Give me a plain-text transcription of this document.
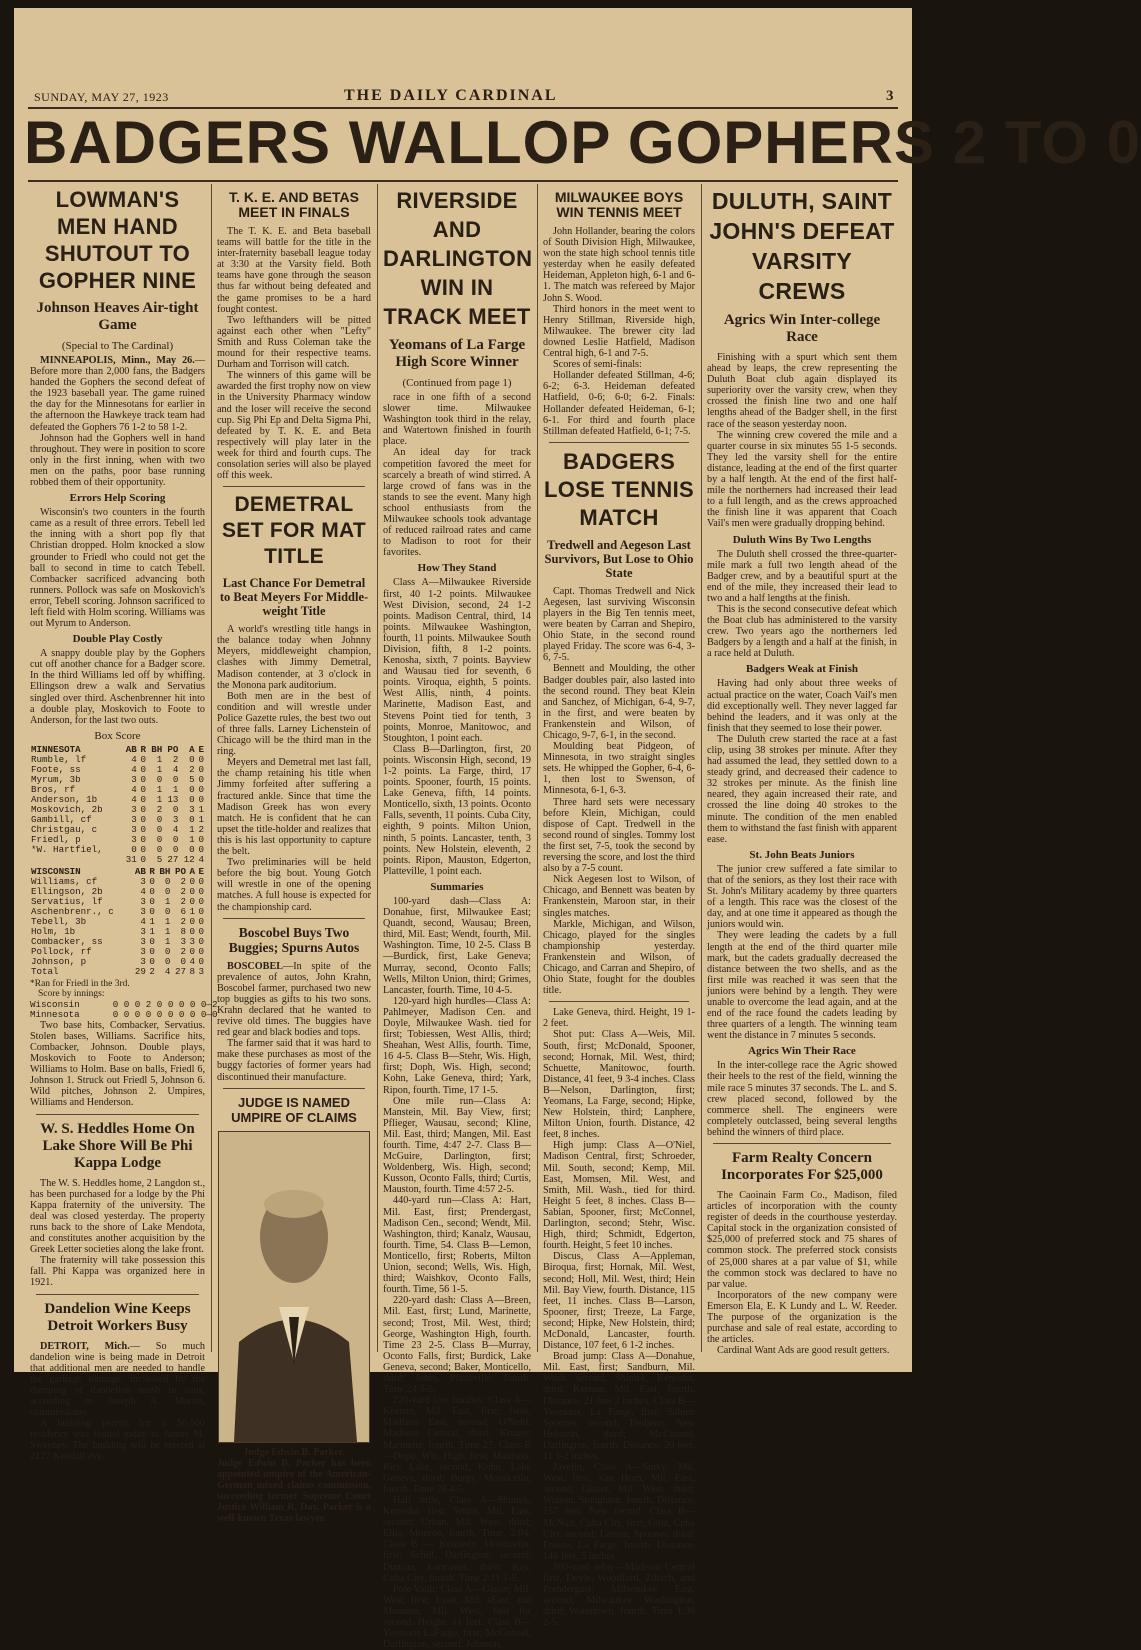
SUNDAY, MAY 27, 1923	THE DAILY CARDINAL	3
BADGERS WALLOP GOPHERS 2 TO 0
LOWMAN'S MEN HAND SHUTOUT TO GOPHER NINE
Johnson Heaves Air-tight Game
(Special to The Cardinal)

MINNEAPOLIS, Minn., May 26.—Before more than 2,000 fans, the Badgers handed the Gophers the second defeat of the 1923 baseball year. The game ruined the day for the Minnesotans for earlier in the afternoon the Hawkeye track team had defeated the Gophers 76 1-2 to 58 1-2.

Johnson had the Gophers well in hand throughout. They were in position to score only in the first inning, when with two men on the paths, poor base running robbed them of their opportunity.

Errors Help Scoring

Wisconsin's two counters in the fourth came as a result of three errors. Tebell led the inning with a short pop fly that Christian dropped. Holm knocked a slow grounder to Friedl who could not get the ball to second in time to catch Tebell. Combacker sacrificed advancing both runners. Pollock was safe on Moskovich's error, Tebell scoring. Johnson sacrificed to left field with Holm scoring. Williams was out Myrum to Anderson.

Double Play Costly

A snappy double play by the Gophers cut off another chance for a Badger score. In the third Williams led off by whiffing. Ellingson drew a walk and Servatius singled over third. Aschenbrenner hit into a double play, Moskovich to Foote to Anderson, for the last two outs.

Box Score
MINNESOTA	AB	R	BH	PO	A	E
Rumble, lf	4	0	1	2	0	0
Foote, ss	4	0	1	4	2	0
Myrum, 3b	3	0	0	0	5	0
Bros, rf	4	0	1	1	0	0
Anderson, 1b	4	0	1	13	0	0
Moskovich, 2b	3	0	2	0	3	1
Gambill, cf	3	0	0	3	0	1
Christgau, c	3	0	0	4	1	2
Friedl, p	3	0	0	0	1	0
*W. Hartfiel,	0	0	0	0	0	0
	31	0	5	27	12	4
WISCONSIN	AB	R	BH	PO	A	E
Williams, cf	3	0	0	2	0	0
Ellingson, 2b	4	0	0	2	0	0
Servatius, lf	3	0	1	2	0	0
Aschenbrenr., c	3	0	0	6	1	0
Tebell, 3b	4	1	1	2	0	0
Holm, 1b	3	1	1	8	0	0
Combacker, ss	3	0	1	3	3	0
Pollock, rf	3	0	0	2	0	0
Johnson, p	3	0	0	0	4	0
Total	29	2	4	27	8	3
*Ran for Friedl in the 3rd.
Score by innings:
Wisconsin      0 0 0 2 0 0 0 0 0—2
Minnesota      0 0 0 0 0 0 0 0 0—0

Two base hits, Combacker, Servatius. Stolen bases, Williams. Sacrifice hits, Combacker, Johnson. Double plays, Moskovich to Foote to Anderson; Williams to Holm. Base on balls, Friedl 6, Johnson 1. Struck out Friedl 5, Johnson 6. Wild pitches, Johnson 2. Umpires, Williams and Henderson.

W. S. Heddles Home On Lake Shore Will Be Phi Kappa Lodge

The W. S. Heddles home, 2 Langdon st., has been purchased for a lodge by the Phi Kappa fraternity of the university. The deal was closed yesterday. The property runs back to the shore of Lake Mendota, and constitutes another acquisition by the Greek Letter societies along the lake front.

The fraternity will take possession this fall. Phi Kappa was organized here in 1921.

Dandelion Wine Keeps Detroit Workers Busy

DETROIT, Mich.— So much dandelion wine is being made in Detroit that additional men are needed to handle the garbage tonnage, increased by the dumping of dandelion mash in cans, according to Joseph A. Martin, commissioner

A building permit for a $6,500 residence was issued today to James M. Sweeney. The building will be erected at 2127 Kendall ave.

T. K. E. AND BETAS MEET IN FINALS

The T. K. E. and Beta baseball teams will battle for the title in the inter-fraternity baseball league today at 3:30 at the Varsity field. Both teams have gone through the season thus far without being defeated and the game promises to be a hard fought contest.

Two lefthanders will be pitted against each other when "Lefty" Smith and Russ Coleman take the mound for their respective teams. Durham and Torrison will catch.

The winners of this game will be awarded the first trophy now on view in the University Pharmacy window and the loser will receive the second cup. Sig Phi Ep and Delta Sigma Phi, defeated by T. K. E. and Beta respectively will play later in the week for third and fourth cups. The consolation series will also be played off this week.

DEMETRAL SET FOR MAT TITLE
Last Chance For Demetral to Beat Meyers For Middle-weight Title

A world's wrestling title hangs in the balance today when Johnny Meyers, middleweight champion, clashes with Jimmy Demetral, Madison contender, at 3 o'clock in the Monona park auditorium.

Both men are in the best of condition and will wrestle under Police Gazette rules, the best two out of three falls. Larney Lichenstein of Chicago will be the third man in the ring.

Meyers and Demetral met last fall, the champ retaining his title when Jimmy forfeited after suffering a fractured ankle. Since that time the Madison Greek has won every match. He is confident that he can upset the title-holder and realizes that this is his last opportunity to capture the belt.

Two preliminaries will be held before the big bout. Young Gotch will wrestle in one of the opening matches. A full house is expected for the championship card.

Boscobel Buys Two Buggies; Spurns Autos

BOSCOBEL—In spite of the prevalence of autos, John Krahn, Boscobel farmer, purchased two new top buggies as gifts to his two sons. Krahn declared that he wanted to revive old times. The buggies have red gear and black bodies and tops.

The farmer said that it was hard to make these purchases as most of the buggy factories of former years had discontinued their manufacture.

JUDGE IS NAMED UMPIRE OF CLAIMS
Judge Edwin B. Parker.
Judge Edwin B. Parker has been appointed umpire of the American-German mixed claims commission, succeeding former Supreme Court Justice William R. Day. Parker is a well-known Texas lawyer.
RIVERSIDE AND DARLINGTON WIN IN TRACK MEET
Yeomans of La Farge High Score Winner
(Continued from page 1)

race in one fifth of a second slower time. Milwaukee Washington took third in the relay, and Watertown finished in fourth place.

An ideal day for track competition favored the meet for scarcely a breath of wind stirred. A large crowd of fans was in the stands to see the event. Many high school enthusiasts from the Milwaukee schools took advantage of reduced railroad rates and came to Madison to root for their favorites.

How They Stand

Class A—Milwaukee Riverside first, 40 1-2 points. Milwaukee West Division, second, 24 1-2 points. Madison Central, third, 14 points. Milwaukee Washington, fourth, 11 points. Milwaukee South Division, fifth, 8 1-2 points. Kenosha, sixth, 7 points. Bayview and Wausau tied for seventh, 6 points. Viroqua, eighth, 5 points. West Allis, ninth, 4 points. Marinette, Madison East, and Stevens Point tied for tenth, 3 points, Monroe, Manitowoc, and Stoughton, 1 point each.

Class B—Darlington, first, 20 points. Wisconsin High, second, 19 1-2 points. La Farge, third, 17 points. Spooner, fourth, 15 points. Lake Geneva, fifth, 14 points. Monticello, sixth, 13 points. Oconto Falls, seventh, 11 points. Cuba City, eighth, 9 points. Milton Union, ninth, 5 points. Lancaster, tenth, 3 points. New Holstein, eleventh, 2 points. Ripon, Mauston, Edgerton, Platteville, 1 point each.

Summaries

100-yard dash—Class A: Donahue, first, Milwaukee East; Quandt, second, Wausau; Breen, third, Mil. East; Wendt, fourth, Mil. Washington. Time, 10 2-5. Class B—Burdick, first, Lake Geneva; Murray, second, Oconto Falls; Wells, Milton Union, third; Grimes, Lancaster, fourth. Time, 10 4-5.

120-yard high hurdles—Class A: Pahlmeyer, Madison Cen. and Doyle, Milwaukee Wash. tied for first; Tobiessen, West Allis, third; Sheahan, West Allis, fourth. Time, 16 4-5. Class B—Stehr, Wis. High, first; Doph, Wis. High, second; Kohn, Lake Geneva, third; Yark, Ripon, fourth. Time, 17 1-5.

One mile run—Class A: Manstein, Mil. Bay View, first; Pflieger, Wausau, second; Kline, Mil. East, third; Mangen, Mil. East fourth. Time, 4:47 2-7. Class B—McGuire, Darlington, first; Woldenberg, Wis. High, second; Kusson, Oconto Falls, third; Curtis, Mauston, fourth. Time 4:57 2-5.

440-yard run—Class A: Hart, Mil. East, first; Prendergast, Madison Cen., second; Wendt, Mil. Washington, third; Kanalz, Wausau, fourth. Time, 54. Class B—Lemon, Monticello, first; Roberts, Milton Union, second; Wells, Wis. High, third; Waishkov, Oconto Falls, fourth. Time, 56 1-5.

220-yard dash: Class A—Breen, Mil. East, first; Lund, Marinette, second; Trost, Mil. West, third; George, Washington High, fourth. Time 23 2-5. Class B—Murray, Oconto Falls, first; Burdick, Lake Geneva, second; Baker, Monticello, third; Jones, Platteville, fourth. Time 24 3-5.

220-yard low hurdles: Class A—Keenan, Mil. East, first; Isele, Madison East, second; O'Neill, Madison Central, third; Kruger, Marinette, fourth. Time 27. Class B—Dopp, Wis. High, first; Mattison, Rice Lake, second; Kohn, Lake Geneva, third; Burgy, Monticello, fourth. Time 28 4-5.

Half mile, Class A—Shimek, Kenosha, first; Smith, Mil. East, second; Urban, Mil. West, third; Ellis, Monroe, fourth. Time, 2:04. Class B — Kennedy, Monticello, first; Schill, Darlington, second; Duncan, Lancaster, third; Kay, Cuba City, fourth. Time 2:11 1-5.

Pole Vault: Class A—Glaser, Mil. West, first; Esser, Mil. sEast, and Momsen, Mil. West, tied for second. Height, 11 feet. Class B—Yeomans LaFarge, first; McConnel, Darlington, second; Johnson,

MILWAUKEE BOYS WIN TENNIS MEET

John Hollander, bearing the colors of South Division High, Milwaukee, won the state high school tennis title yesterday when he easily defeated Heideman, Appleton high, 6-1 and 6-1. The match was refereed by Major John S. Wood.

Third honors in the meet went to Henry Stillman, Riverside high, Milwaukee. The brewer city lad downed Leslie Hatfield, Madison Central high, 6-1 and 7-5.

Scores of semi-finals:

Hollander defeated Stillman, 4-6; 6-2; 6-3. Heideman defeated Hatfield, 0-6; 6-0; 6-2. Finals: Hollander defeated Heideman, 6-1; 6-1. For third and fourth place Stillman defeated Hatfield, 6-1; 7-5.

BADGERS LOSE TENNIS MATCH
Tredwell and Aegeson Last Survivors, But Lose to Ohio State

Capt. Thomas Tredwell and Nick Aegesen, last surviving Wisconsin players in the Big Ten tennis meet, were beaten by Carran and Shepiro, Ohio State, in the second round played Friday. The score was 6-4, 3-6, 7-5.

Bennett and Moulding, the other Badger doubles pair, also lasted into the second round. They beat Klein and Sanchez, of Michigan, 6-4, 9-7, in the first, and were beaten by Frankenstein and Wilson, of Chicago, 9-7, 6-1, in the second.

Moulding beat Pidgeon, of Minnesota, in two straight singles sets. He whipped the Gopher, 6-4, 6-1, then lost to Swenson, of Minnesota, 6-1, 6-3.

Three hard sets were necessary before Klein, Michigan, could dispose of Capt. Tredwell in the second round of singles. Tommy lost the first set, 7-5, took the second by reversing the score, and lost the third also by a 7-5 count.

Nick Aegesen lost to Wilson, of Chicago, and Bennett was beaten by Frankenstein, Maroon star, in their singles matches.

Markle, Michigan, and Wilson, Chicago, played for the singles championship yesterday. Frankenstein and Wilson, of Chicago, and Carran and Shepiro, of Ohio State, fought for the doubles title.

Lake Geneva, third. Height, 19 1-2 feet.

Shot put: Class A—Weis, Mil. South, first; McDonald, Spooner, second; Hornak, Mil. West, third; Schuette, Manitowoc, fourth. Distance, 41 feet, 9 3-4 inches. Class B—Nelson, Darlington, first; Yeomans, La Farge, second; Hipke, New Holstein, third; Lanphere, Milton Union, fourth. Distance, 42 feet, 8 inches.

High jump: Class A—O'Niel, Madison Central, first; Schroeder, Mil. South, second; Kemp, Mil. East, Momsen, Mil. West, and Smith, Mil. Wash., tied for third. Height 5 feet, 8 inches. Class B—Sabian, Spooner, first; McConnel, Darlington, second; Stehr, Wisc. High, third; Schmidt, Edgerton, fourth. Height, 5 feet 10 inches.

Discus, Class A—Appleman, Biroqua, first; Hornak, Mil. West, second; Holl, Mil. West, third; Hein Mil. Bay View, fourth. Distance, 115 feet, 11 inches. Class B—Larson, Spooner, first; Treeze, La Farge, second; Hipke, New Holstein, third; McDonald, Lancaster, fourth. Distance, 107 feet, 6 1-2 inches.

Broad jump: Class A—Donahue, Mil. East, first; Sandburn, Mil. Wash. second; Shimek, Kenosha, third; Keenan, Mil. East, fourth. Distance, 21 feet 2 inches. Class B—Yeomans, La Farge, first; Sabien Spooner, second; Tiedjeno, New Holstein, third; McConnel, Darlington, fourth. Distance, 20 feet, 11 1-2 inches.

Javelin, Class A—Sinky, Mil. West, first; Van Horn, Mil. East, second; Glaser, Mil. West, third; Watson, Stoughton, fourth. Distance, 157 feet. New record. Class B—McNutt, Cuba City, first; Golz, Cuba City, second; Larson, Spooner, third; Freeze, La Farge, fourth. Distance, 146 feet, 5 inches.

880-yard relay—Madison Central first, Doyle, Woodford, Zilisch, and Prendergast; Milwaukee East, second; Milwaukee Washington, third; Watertown, fourth. Time 1:38 2-5.

DULUTH, SAINT JOHN'S DEFEAT VARSITY CREWS
Agrics Win Inter-college Race

Finishing with a spurt which sent them ahead by leaps, the crew representing the Duluth Boat club again displayed its superiority over the varsity crew, when they crossed the finish line two and one half lengths ahead of the Badger shell, in the first race of the season yesterday noon.

The winning crew covered the mile and a quarter course in six minutes 55 1-5 seconds. They led the varsity shell for the entire distance, leading at the end of the first quarter by a half length. At the end of the first half-mile the northerners had increased their lead to a full length, and as the crews approached the finish line it was apparent that Coach Vail's men were gradually dropping behind.

Duluth Wins By Two Lengths

The Duluth shell crossed the three-quarter-mile mark a full two length ahead of the Badger crew, and by a beautiful spurt at the end of the mile, they increased their lead to two and a half lengths at the finish.

This is the second consecutive defeat which the Boat club has administered to the varsity crew. Two years ago the northerners led Badgers by a length and a half at the finish, in a race held at Duluth.

Badgers Weak at Finish

Having had only about three weeks of actual practice on the water, Coach Vail's men did exceptionally well. They never lagged far behind the leaders, and it was only at the finish that they seemed to lose their power.

The Duluth crew started the race at a fast clip, using 38 strokes per minute. After they had assumed the lead, they settled down to a steady grind, and decreased their cadence to 32 strokes per minute. As the finish line neared, they again increased their rate, and crossed the line doing 40 strokes to the minute. The condition of the men enabled them to withstand the fast finish with apparent ease.

St. John Beats Juniors

The junior crew suffered a fate similar to that of the seniors, as they lost their race with St. John's Military academy by three quarters of a length. This race was the closest of the day, and at one time it appeared as though the juniors would win.

They were leading the cadets by a full length at the end of the third quarter mile mark, but the cadets gradually decreased the distance between the two shells, and as the first mile was reached it was seen that the juniors were behind by a length. They were unable to overcome the lead again, and at the end of the race found the cadets leading by three quarters of a length. The winning team went the distance in 7 minutes 5 seconds.

Agrics Win Their Race

In the inter-college race the Agric showed their heels to the rest of the field, winning the mile race 5 minutes 37 seconds. The L. and S. crew placed second, followed by the commerce shell. The engineers were completely outclassed, being several lengths behind the winners of third place.

Farm Realty Concern Incorporates For $25,000

The Caoinain Farm Co., Madison, filed articles of incorporation with the county register of deeds in the courthouse yesterday. Capital stock in the organization consisted of $25,000 of preferred stock and 75 shares of common stock. The preferred stock consists of 25,000 shares at a par value of $1, while the common stock was declared to have no par value.

Incorporators of the new company were Emerson Ela, E. K Lundy and L. W. Reeder. The purpose of the organization is the purchase and sale of real estate, according to the articles.

Cardinal Want Ads are good result getters.
